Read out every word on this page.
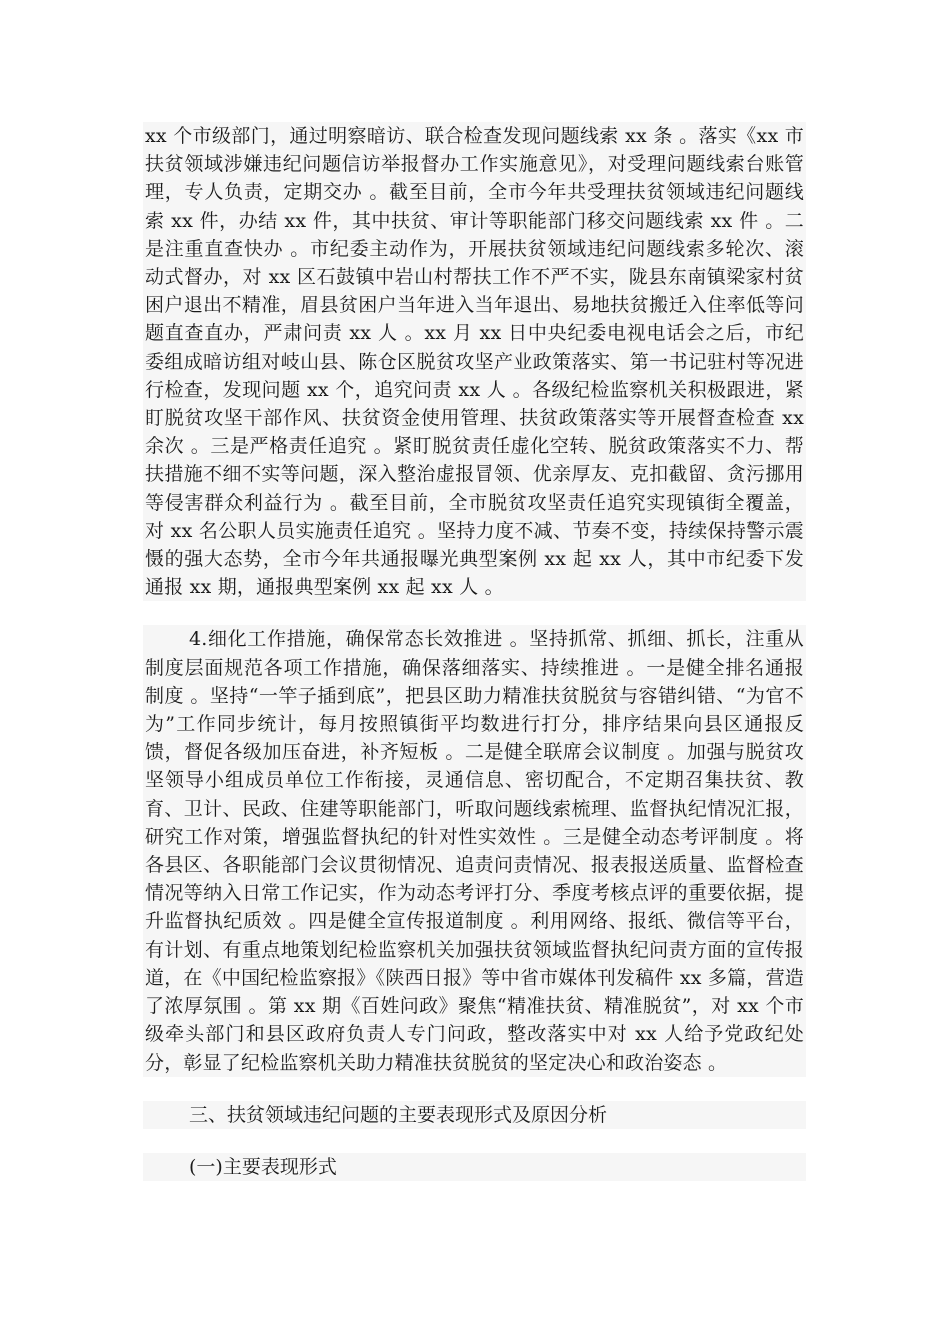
xx 个市级部门，通过明察暗访、联合检查发现问题线索 xx 条 。落实《xx 市扶贫领域涉嫌违纪问题信访举报督办工作实施意见》，对受理问题线索台账管理，专人负责，定期交办 。截至目前，全市今年共受理扶贫领域违纪问题线索 xx 件，办结 xx 件，其中扶贫、审计等职能部门移交问题线索 xx 件 。二是注重直查快办 。市纪委主动作为，开展扶贫领域违纪问题线索多轮次、滚动式督办，对 xx 区石鼓镇中岩山村帮扶工作不严不实，陇县东南镇梁家村贫困户退出不精准，眉县贫困户当年进入当年退出、易地扶贫搬迁入住率低等问题直查直办，严肃问责 xx 人 。xx 月 xx 日中央纪委电视电话会之后，市纪委组成暗访组对岐山县、陈仓区脱贫攻坚产业政策落实、第一书记驻村等况进行检查，发现问题 xx 个，追究问责 xx 人 。各级纪检监察机关积极跟进，紧盯脱贫攻坚干部作风、扶贫资金使用管理、扶贫政策落实等开展督查检查 xx 余次 。三是严格责任追究 。紧盯脱贫责任虚化空转、脱贫政策落实不力、帮扶措施不细不实等问题，深入整治虚报冒领、优亲厚友、克扣截留、贪污挪用等侵害群众利益行为 。截至目前，全市脱贫攻坚责任追究实现镇街全覆盖，对 xx 名公职人员实施责任追究 。坚持力度不减、节奏不变，持续保持警示震慑的强大态势，全市今年共通报曝光典型案例 xx 起 xx 人，其中市纪委下发通报 xx 期，通报典型案例 xx 起 xx 人 。

4.细化工作措施，确保常态长效推进 。坚持抓常、抓细、抓长，注重从制度层面规范各项工作措施，确保落细落实、持续推进 。一是健全排名通报制度 。坚持“一竿子插到底”，把县区助力精准扶贫脱贫与容错纠错、“为官不为”工作同步统计，每月按照镇街平均数进行打分，排序结果向县区通报反馈，督促各级加压奋进，补齐短板 。二是健全联席会议制度 。加强与脱贫攻坚领导小组成员单位工作衔接，灵通信息、密切配合，不定期召集扶贫、教育、卫计、民政、住建等职能部门，听取问题线索梳理、监督执纪情况汇报，研究工作对策，增强监督执纪的针对性实效性 。三是健全动态考评制度 。将各县区、各职能部门会议贯彻情况、追责问责情况、报表报送质量、监督检查情况等纳入日常工作记实，作为动态考评打分、季度考核点评的重要依据，提升监督执纪质效 。四是健全宣传报道制度 。利用网络、报纸、微信等平台，有计划、有重点地策划纪检监察机关加强扶贫领域监督执纪问责方面的宣传报道，在《中国纪检监察报》《陕西日报》等中省市媒体刊发稿件 xx 多篇，营造了浓厚氛围 。第 xx 期《百姓问政》聚焦“精准扶贫、精准脱贫”，对 xx 个市级牵头部门和县区政府负责人专门问政，整改落实中对 xx 人给予党政纪处分，彰显了纪检监察机关助力精准扶贫脱贫的坚定决心和政治姿态 。

三、扶贫领域违纪问题的主要表现形式及原因分析

(一)主要表现形式
